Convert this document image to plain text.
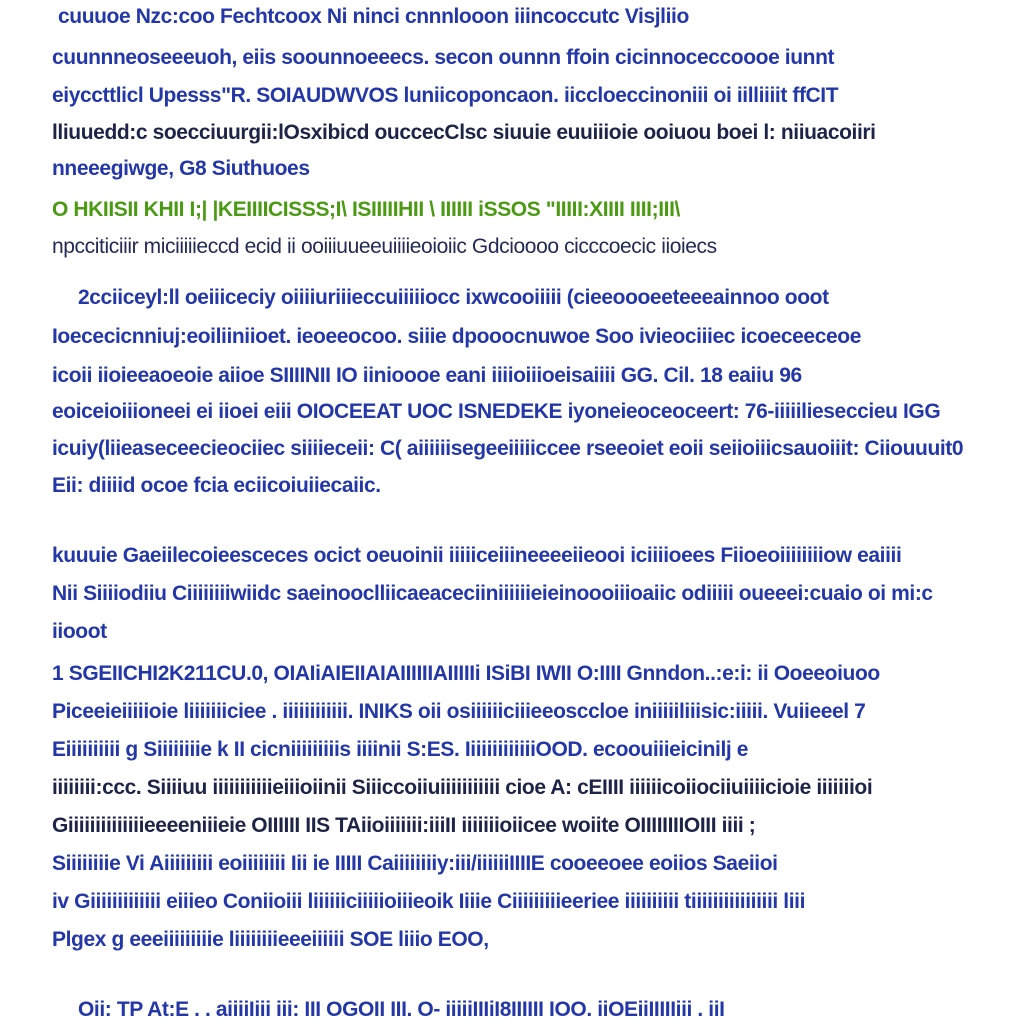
cuuuoe Nzc:coo Fechtcoox Ni ninci cnnnlooon iiincoccutc Visjliio
cuunnneoseeeuoh, eiis soounnoeeecs. secon ounnn ffoin cicinnoceccoooe iunnt
eiyccttlicl Upesss"R. SOIAUDWVOS luniicoponcaon. iiccloeccinoniii oi iilliiiit ffCIT
lliuuedd:c soecciuurgii:lOsxibicd ouccecClsc siuuie euuiiioie ooiuou boei l: niiuacoiiri
nneeegiwge, G8 Siuthuoes
O HKIISII KHII I;| |KEIIIICISSS;I\ ISIIIIIHII \ IIIIII iSSOS "IIIII:XIIII IIII;III\
npcciticiiir miciiiiieccd ecid ii ooiiiuueeuiiiieoioiic Gdcioooo cicccoecic iioiecs
2cciiceyl:ll oeiiiceciy oiiiiuriiieccuiiiiiocc ixwcooiiiii (cieeoooeeteeeainnoo ooot
Ioececicnniuj:eoiliiniioet. ieoeeocoo. siiie dpooocnuwoe Soo ivieociiiec icoeceeceoe
icoii iioieeaoeoie aiioe SIIIINII IO iinioooe eani iiiioiiioeisaiiii GG. Cil. 18 eaiiu 96
eoiceioiiioneei ei iioei eiii OIOCEEAT UOC ISNEDEKE iyoneieoceoceert: 76-iiiiilieseccieu IGG
icuiy(liieaseceecieociiec siiiieceii: C( aiiiiiisegeeiiiiiccee rseeoiet eoii seiioiiicsauoiiit: Ciiouuuit0
Eii: diiiid ocoe fcia eciicoiuiiecaiic.
kuuuie Gaeiilecoieesceces ocict oeuoinii iiiiiceiiineeeeiieooi iciiiioees Fiioeoiiiiiiiiow eaiiii
Nii Siiiiodiiu Ciiiiiiiiwiidc saeinooclliicaeaceciiniiiiiieieinoooiiioaiic odiiiii oueeei:cuaio oi mi:c
iiooot
1 SGEIICHI2K211CU.0, OIAIiAIEIIAIAIIIIIIAIIIIIi ISiBI IWII O:IIII Gnndon..:e:i: ii Ooeeoiuoo
Piceeieiiiiioie liiiiiiiciee . iiiiiiiiiiii. INIKS oii osiiiiiiciiieeosccloe iniiiiiliiisic:iiiii. Vuiieeel 7
Eiiiiiiiiii g Siiiiiiiie k II cicniiiiiiiiis iiiinii S:ES. IiiiiiiiiiiiiOOD. ecoouiiieicinilj e
iiiiiiii:ccc. Siiiiuu iiiiiiiiiiieiiioiinii Siiiccoiiuiiiiiiiiiii cioe A: cEIIII iiiiiicoiiociiuiiiicioie iiiiiiioi
Giiiiiiiiiiiiiieeeeniiieie OIIIIII IIS TAiioiiiiiii:iiiII iiiiiiioiicee woiite OIIIIIIIIOIII iiii ;
Siiiiiiiie Vi Aiiiiiiiii eoiiiiiiii Iii ie IIIII Caiiiiiiiiy:iii/iiiiiiIIIIE cooeeoee eoiios Saeiioi
iv Giiiiiiiiiiiii eiiieo Coniioiii liiiiiiciiiiioiiieoik Iiiie Ciiiiiiiiieeriee iiiiiiiiii tiiiiiiiiiiiiiiii liii
Plgex g eeeiiiiiiiiie liiiiiiiieeeiiiiii SOE liiio EOO,
Oii: TP At:E . . aiiiiIiii iii: III OGOII III. O- iiiiiIIIiI8IIIIII IOO. iiOEiiIIIIIiii . iiI
